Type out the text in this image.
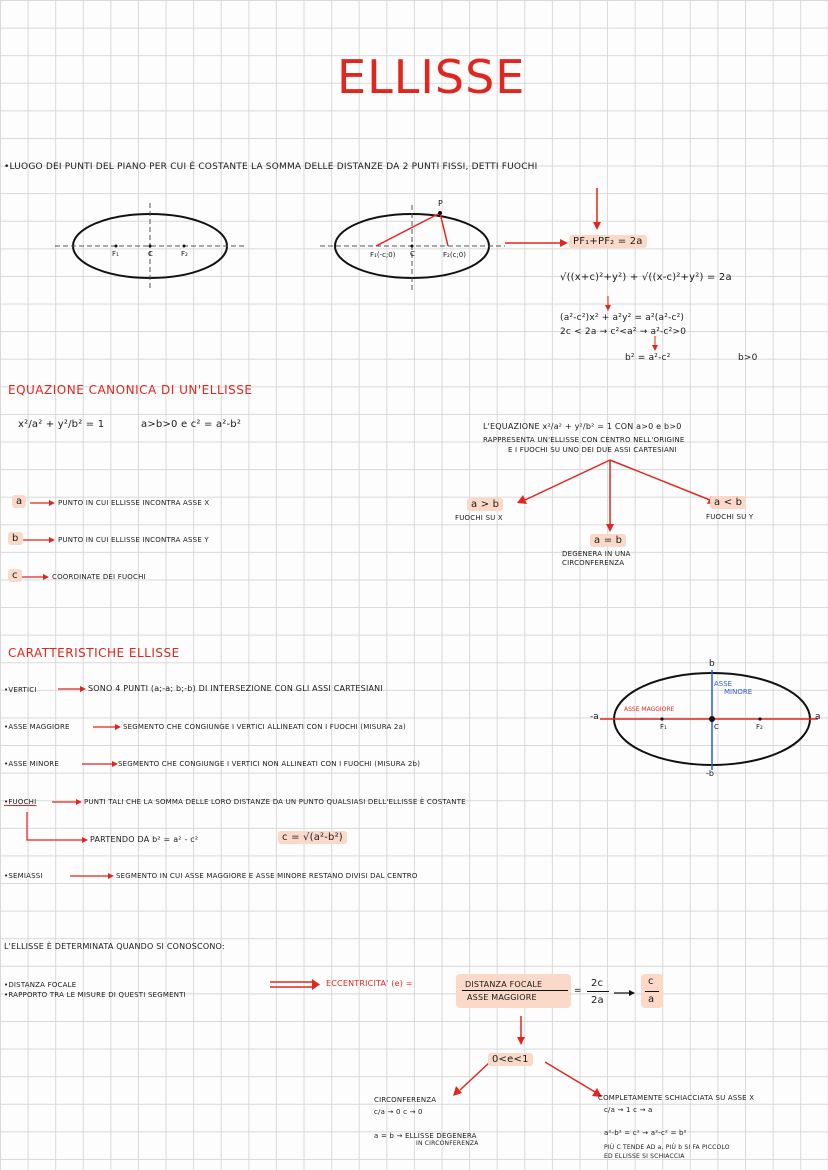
ELLISSE
•LUOGO DEI PUNTI DEL PIANO PER CUI È COSTANTE LA SOMMA DELLE DISTANZE DA 2 PUNTI FISSI, DETTI FUOCHI
F₁	C	F₂
P
F₁(-c;0) C	F₂(c;0)
PF₁+PF₂ = 2a
√((x+c)²+y²) + √((x-c)²+y²) = 2a
(a²-c²)x² + a²y² = a²(a²-c²)
2c < 2a → c²<a² → a²-c²>0
b² = a²-c²	b>0
EQUAZIONE CANONICA DI UN'ELLISSE
x²/a² + y²/b² = 1	a>b>0 e c² = a²-b²
a	PUNTO IN CUI ELLISSE INCONTRA ASSE X
b	PUNTO IN CUI ELLISSE INCONTRA ASSE Y
c	COORDINATE DEI FUOCHI
L'EQUAZIONE x²/a² + y²/b² = 1 CON a>0 e b>0
RAPPRESENTA UN'ELLISSE CON CENTRO NELL'ORIGINE
E I FUOCHI SU UNO DEI DUE ASSI CARTESIANI
a > b
FUOCHI SU X
a = b
DEGENERA IN UNA
CIRCONFERENZA
a < b
FUOCHI SU Y
CARATTERISTICHE ELLISSE
•VERTICI	SONO 4 PUNTI (a;-a; b;-b) DI INTERSEZIONE CON GLI ASSI CARTESIANI
•ASSE MAGGIORE	SEGMENTO CHE CONGIUNGE I VERTICI ALLINEATI CON I FUOCHI (MISURA 2a)
•ASSE MINORE	SEGMENTO CHE CONGIUNGE I VERTICI NON ALLINEATI CON I FUOCHI (MISURA 2b)
•FUOCHI	PUNTI TALI CHE LA SOMMA DELLE LORO DISTANZE DA UN PUNTO QUALSIASI DELL'ELLISSE È COSTANTE
PARTENDO DA b² = a² - c²	c = √(a²-b²)
•SEMIASSI	SEGMENTO IN CUI ASSE MAGGIORE E ASSE MINORE RESTANO DIVISI DAL CENTRO
b
-b
-a	a
ASSE
MINORE
ASSE MAGGIORE
F₁	C	F₂
L'ELLISSE È DETERMINATA QUANDO SI CONOSCONO:
•DISTANZA FOCALE
•RAPPORTO TRA LE MISURE DI QUESTI SEGMENTI
ECCENTRICITA' (e) =	DISTANZA FOCALE
ASSE MAGGIORE
=
2c
2a
c
a
0<e<1
CIRCONFERENZA
c/a → 0 c → 0
a = b → ELLISSE DEGENERA
IN CIRCONFERENZA
COMPLETAMENTE SCHIACCIATA SU ASSE X
c/a → 1 c → a
a²-b² = c² → a²-c² = b²
PIÙ C TENDE AD a, PIÙ b SI FA PICCOLO
ED ELLISSE SI SCHIACCIA
